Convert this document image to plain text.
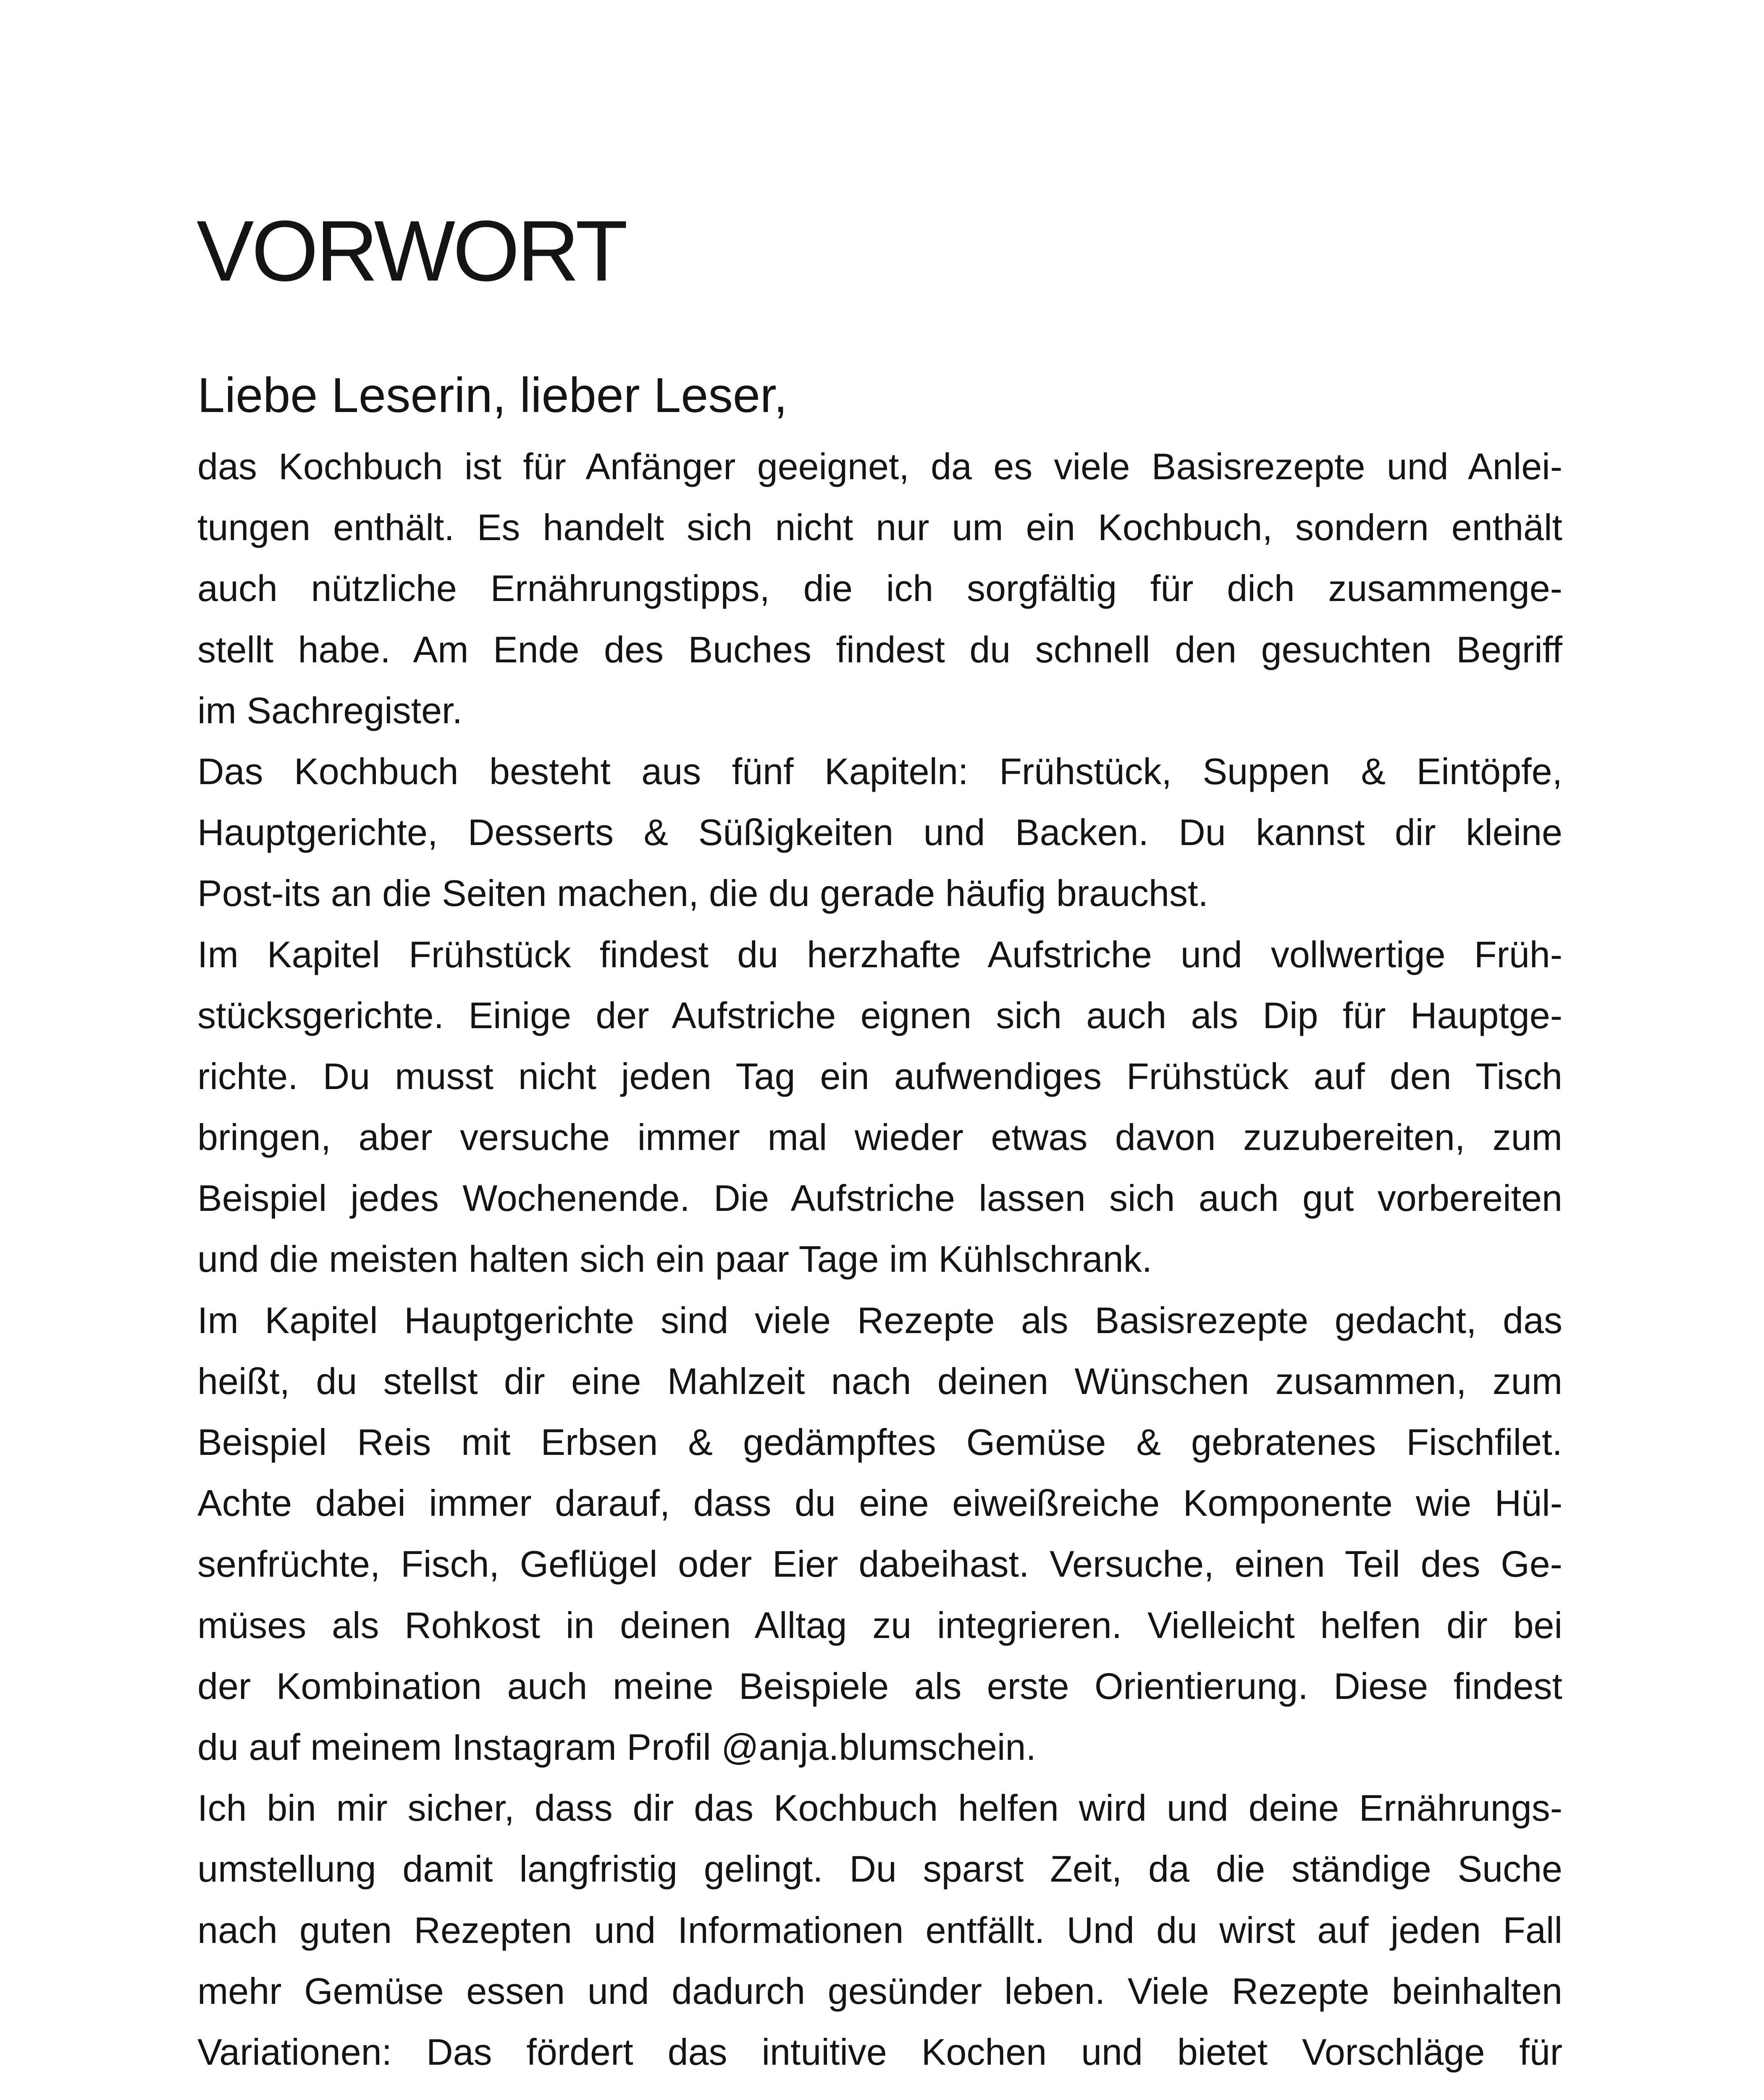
VORWORT
Liebe Leserin, lieber Leser,

das Kochbuch ist für Anfänger geeignet, da es viele Basisrezepte und Anlei-
tungen enthält. Es handelt sich nicht nur um ein Kochbuch, sondern enthält
auch nützliche Ernährungstipps, die ich sorgfältig für dich zusammenge-
stellt habe. Am Ende des Buches findest du schnell den gesuchten Begriff
im Sachregister.

Das Kochbuch besteht aus fünf Kapiteln: Frühstück, Suppen & Eintöpfe,
Hauptgerichte, Desserts & Süßigkeiten und Backen. Du kannst dir kleine
Post-its an die Seiten machen, die du gerade häufig brauchst.

Im Kapitel Frühstück findest du herzhafte Aufstriche und vollwertige Früh-
stücksgerichte. Einige der Aufstriche eignen sich auch als Dip für Hauptge-
richte. Du musst nicht jeden Tag ein aufwendiges Frühstück auf den Tisch
bringen, aber versuche immer mal wieder etwas davon zuzubereiten, zum
Beispiel jedes Wochenende. Die Aufstriche lassen sich auch gut vorbereiten
und die meisten halten sich ein paar Tage im Kühlschrank.

Im Kapitel Hauptgerichte sind viele Rezepte als Basisrezepte gedacht, das
heißt, du stellst dir eine Mahlzeit nach deinen Wünschen zusammen, zum
Beispiel Reis mit Erbsen & gedämpftes Gemüse & gebratenes Fischfilet.
Achte dabei immer darauf, dass du eine eiweißreiche Komponente wie Hül-
senfrüchte, Fisch, Geflügel oder Eier dabeihast. Versuche, einen Teil des Ge-
müses als Rohkost in deinen Alltag zu integrieren. Vielleicht helfen dir bei
der Kombination auch meine Beispiele als erste Orientierung. Diese findest
du auf meinem Instagram Profil @anja.blumschein.

Ich bin mir sicher, dass dir das Kochbuch helfen wird und deine Ernährungs-
umstellung damit langfristig gelingt. Du sparst Zeit, da die ständige Suche
nach guten Rezepten und Informationen entfällt. Und du wirst auf jeden Fall
mehr Gemüse essen und dadurch gesünder leben. Viele Rezepte beinhalten
Variationen: Das fördert das intuitive Kochen und bietet Vorschläge für
